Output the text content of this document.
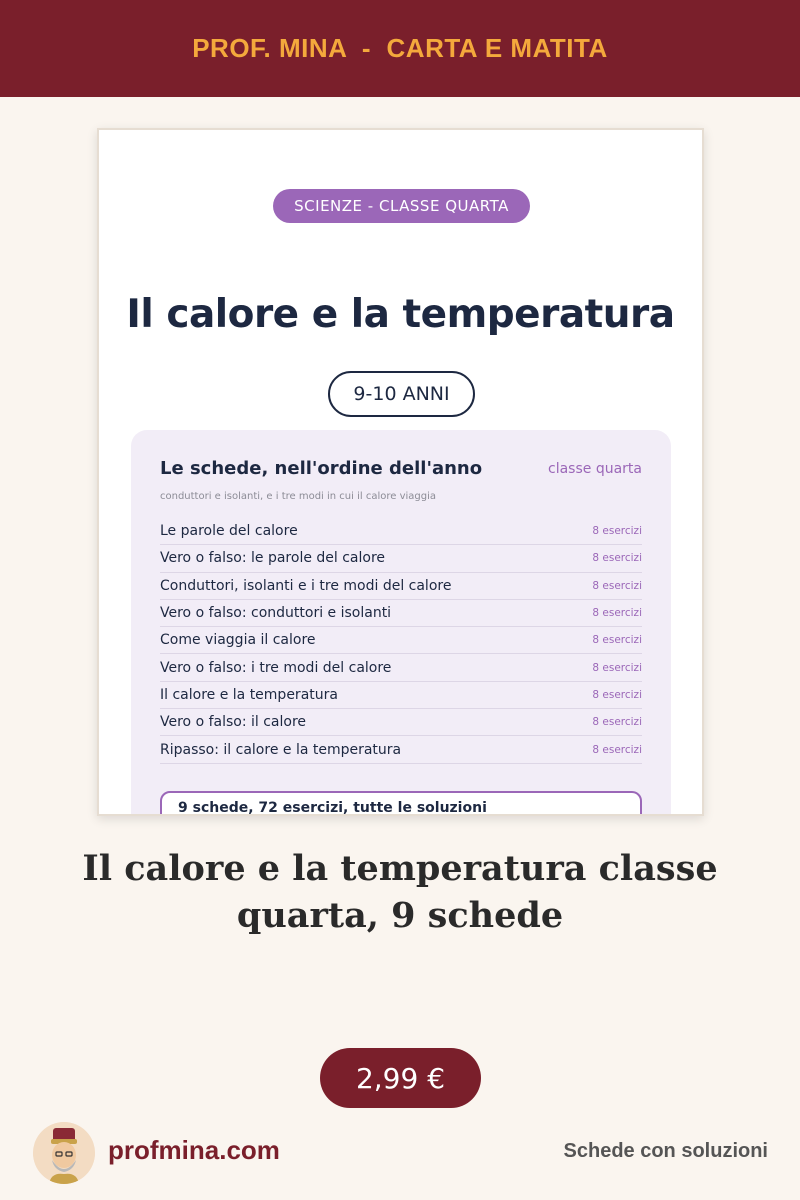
PROF. MINA  -  CARTA E MATITA
SCIENZE - CLASSE QUARTA
Il calore e la temperatura
9-10 ANNI
Le schede, nell'ordine dell'anno	classe quarta
conduttori e isolanti, e i tre modi in cui il calore viaggia
Le parole del calore	8 esercizi
Vero o falso: le parole del calore	8 esercizi
Conduttori, isolanti e i tre modi del calore	8 esercizi
Vero o falso: conduttori e isolanti	8 esercizi
Come viaggia il calore	8 esercizi
Vero o falso: i tre modi del calore	8 esercizi
Il calore e la temperatura	8 esercizi
Vero o falso: il calore	8 esercizi
Ripasso: il calore e la temperatura	8 esercizi
9 schede, 72 esercizi, tutte le soluzioni
Il calore e la temperatura classe
quarta, 9 schede
2,99 €
profmina.com	Schede con soluzioni
